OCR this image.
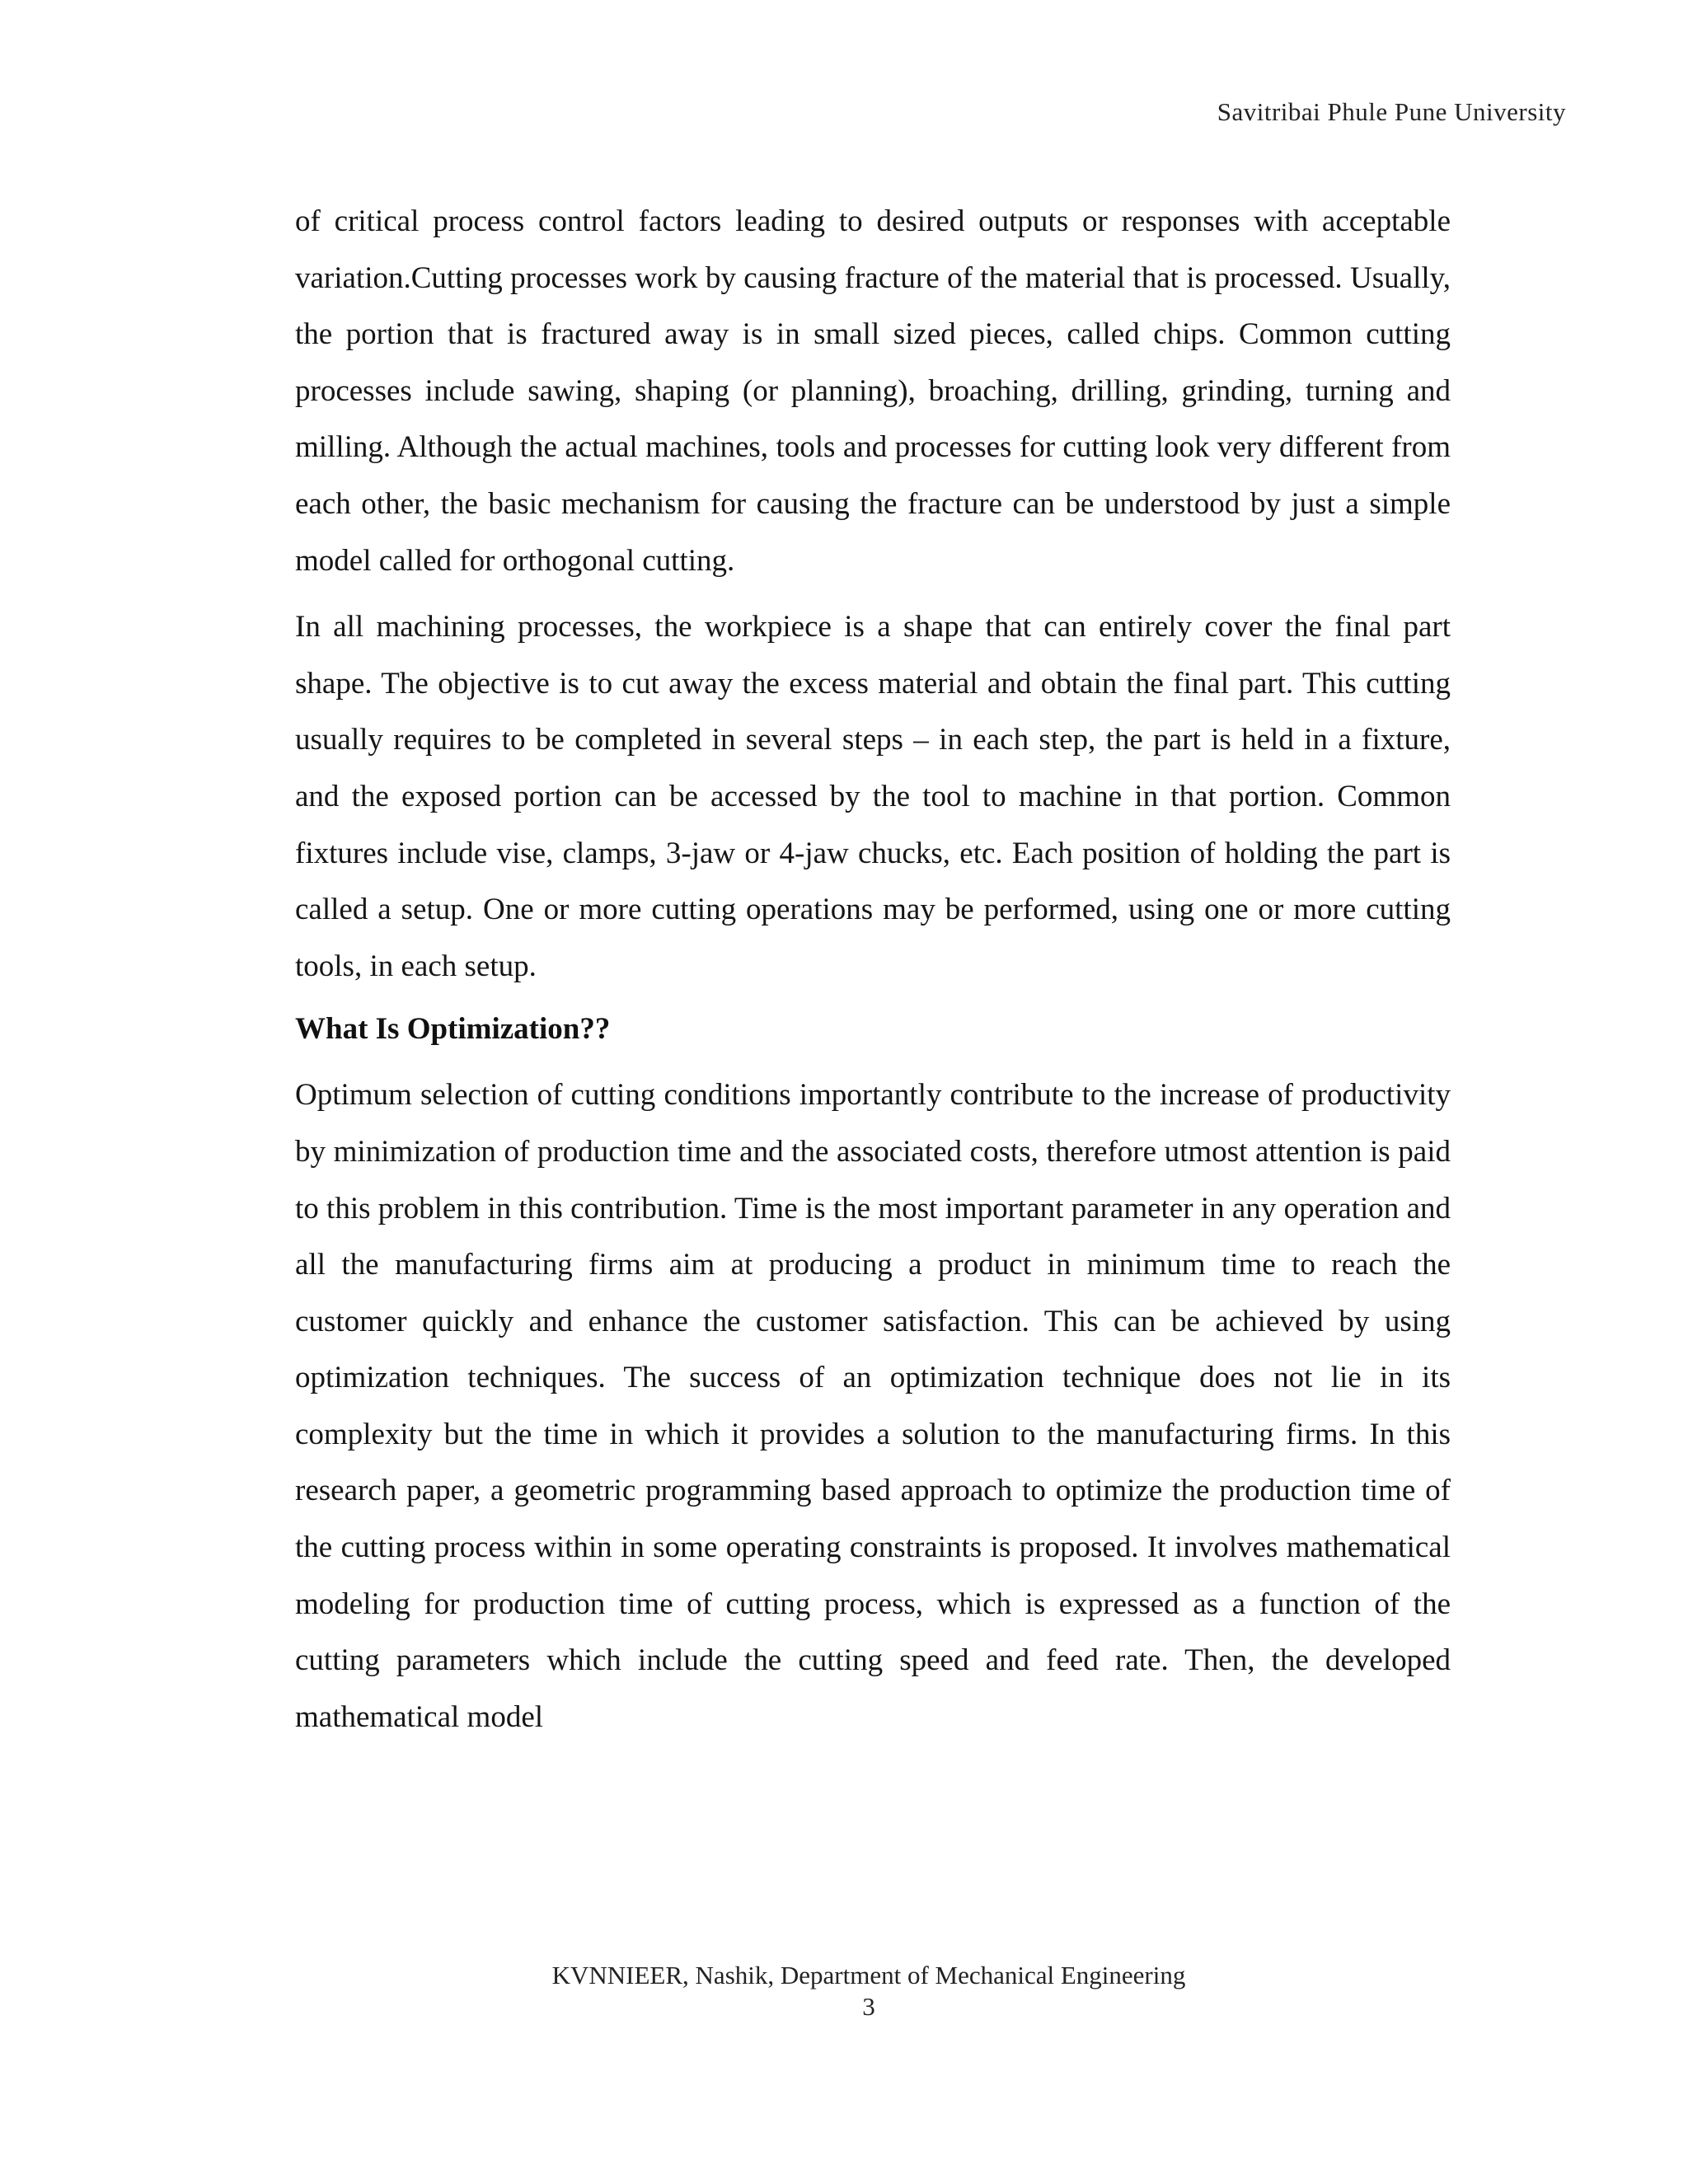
Savitribai Phule Pune University

of critical process control factors leading to desired outputs or responses with acceptable variation.Cutting processes work by causing fracture of the material that is processed. Usually, the portion that is fractured away is in small sized pieces, called chips. Common cutting processes include sawing, shaping (or planning), broaching, drilling, grinding, turning and milling. Although the actual machines, tools and processes for cutting look very different from each other, the basic mechanism for causing the fracture can be understood by just a simple model called for orthogonal cutting.

In all machining processes, the workpiece is a shape that can entirely cover the final part shape. The objective is to cut away the excess material and obtain the final part. This cutting usually requires to be completed in several steps – in each step, the part is held in a fixture, and the exposed portion can be accessed by the tool to machine in that portion. Common fixtures include vise, clamps, 3-jaw or 4-jaw chucks, etc. Each position of holding the part is called a setup. One or more cutting operations may be performed, using one or more cutting tools, in each setup.

What Is Optimization??

Optimum selection of cutting conditions importantly contribute to the increase of productivity by minimization of production time and the associated costs, therefore utmost attention is paid to this problem in this contribution. Time is the most important parameter in any operation and all the manufacturing firms aim at producing a product in minimum time to reach the customer quickly and enhance the customer satisfaction. This can be achieved by using optimization techniques. The success of an optimization technique does not lie in its complexity but the time in which it provides a solution to the manufacturing firms. In this research paper, a geometric programming based approach to optimize the production time of the cutting process within in some operating constraints is proposed. It involves mathematical modeling for production time of cutting process, which is expressed as a function of the cutting parameters which include the cutting speed and feed rate. Then, the developed mathematical model

KVNNIEER, Nashik, Department of Mechanical Engineering
3
